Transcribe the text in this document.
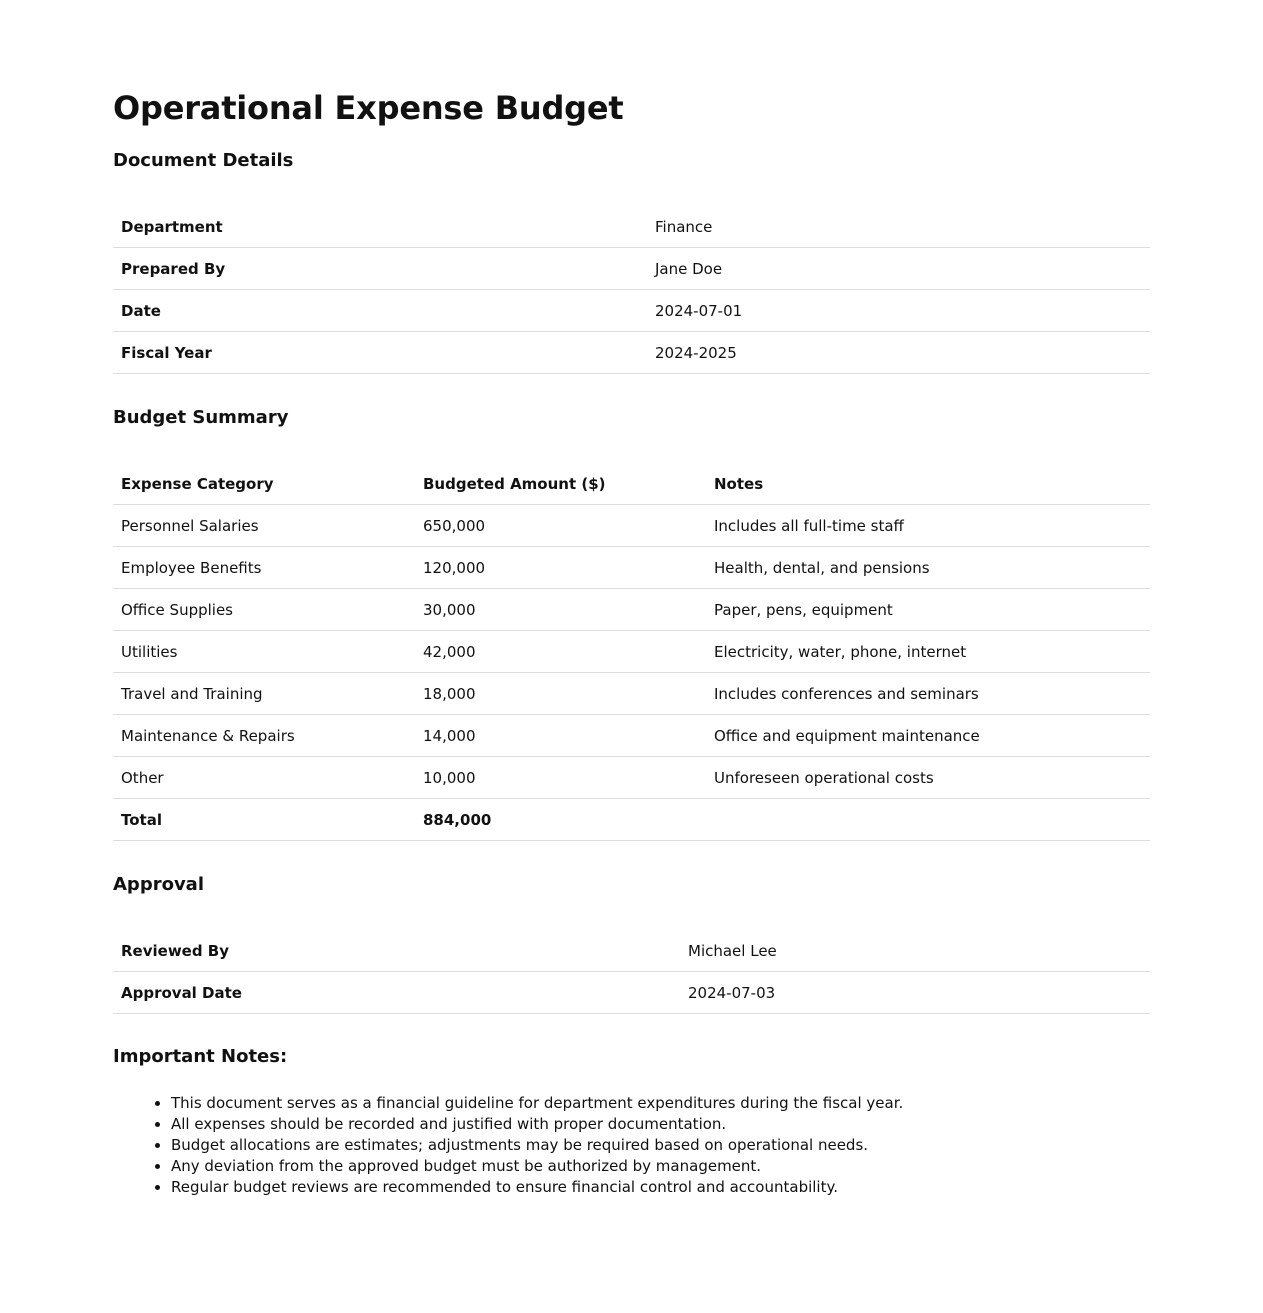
Operational Expense Budget
Document Details
Department	Finance
Prepared By	Jane Doe
Date	2024-07-01
Fiscal Year	2024-2025
Budget Summary
Expense Category	Budgeted Amount ($)	Notes
Personnel Salaries	650,000	Includes all full-time staff
Employee Benefits	120,000	Health, dental, and pensions
Office Supplies	30,000	Paper, pens, equipment
Utilities	42,000	Electricity, water, phone, internet
Travel and Training	18,000	Includes conferences and seminars
Maintenance & Repairs	14,000	Office and equipment maintenance
Other	10,000	Unforeseen operational costs
Total	884,000	
Approval
Reviewed By	Michael Lee
Approval Date	2024-07-03
Important Notes:
• This document serves as a financial guideline for department expenditures during the fiscal year.
• All expenses should be recorded and justified with proper documentation.
• Budget allocations are estimates; adjustments may be required based on operational needs.
• Any deviation from the approved budget must be authorized by management.
• Regular budget reviews are recommended to ensure financial control and accountability.
